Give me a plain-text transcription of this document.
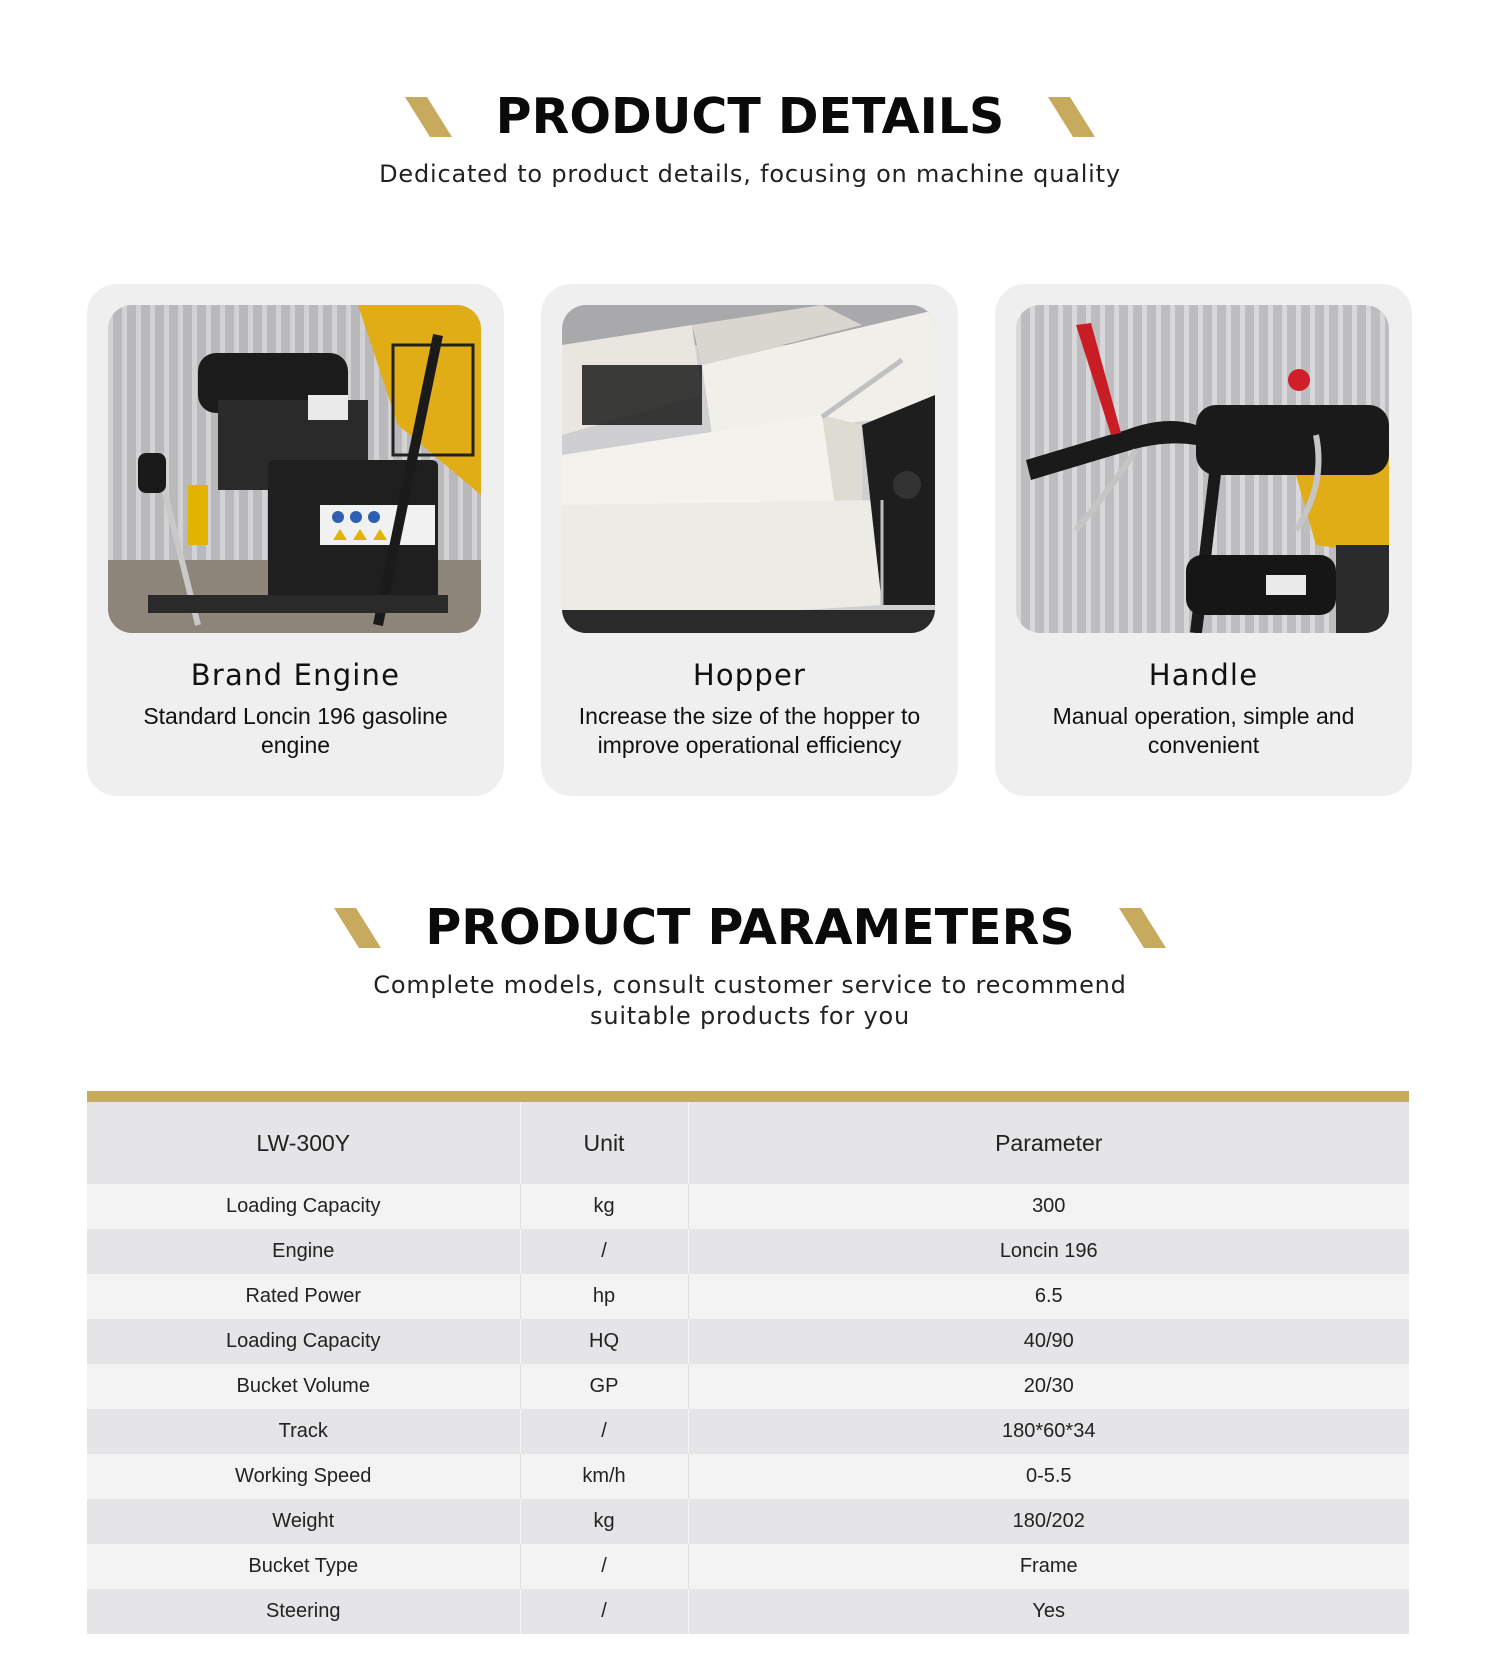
PRODUCT DETAILS
Dedicated to product details, focusing on machine quality
Brand Engine
Standard Loncin 196 gasoline engine
Hopper
Increase the size of the hopper to improve operational efficiency
Handle
Manual operation, simple and convenient
PRODUCT PARAMETERS
Complete models, consult customer service to recommend suitable products for you
LW-300Y	Unit	Parameter
Loading Capacity	kg	300
Engine	/	Loncin 196
Rated Power	hp	6.5
Loading Capacity	HQ	40/90
Bucket Volume	GP	20/30
Track	/	180*60*34
Working Speed	km/h	0-5.5
Weight	kg	180/202
Bucket Type	/	Frame
Steering	/	Yes
